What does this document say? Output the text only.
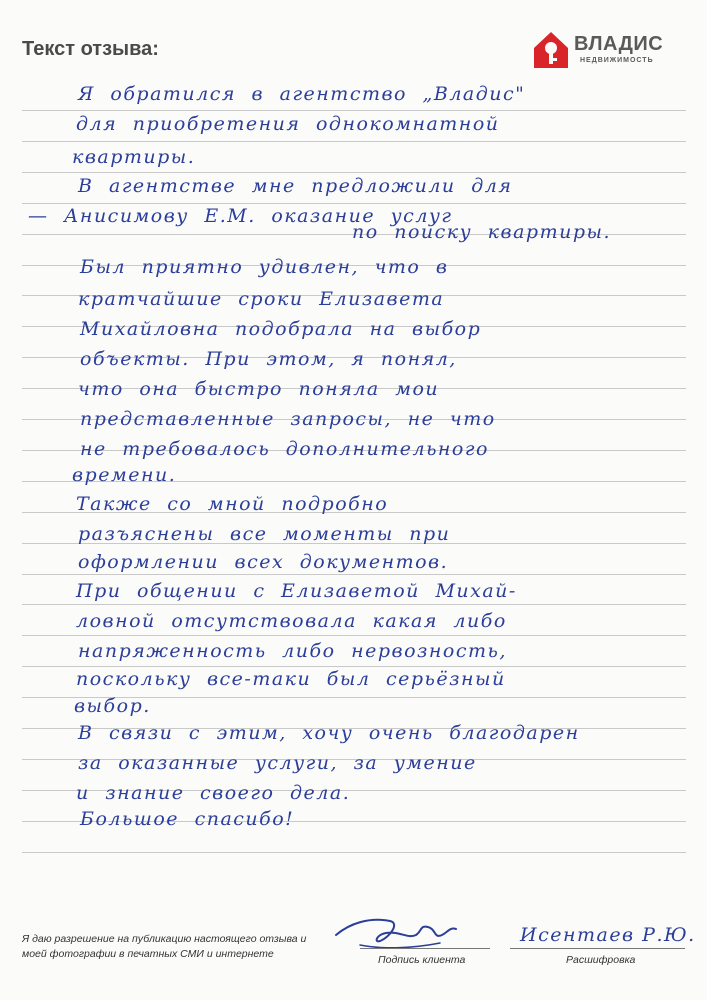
Текст отзыва:	ВЛАДИС
НЕДВИЖИМОСТЬ
Я обратился в агентство „Владис"
для приобретения однокомнатной
квартиры.
В агентстве мне предложили для
— Анисимову Е.М. оказание услуг
по поиску квартиры.
Был приятно удивлен, что в
кратчайшие сроки Елизавета
Михайловна подобрала на выбор
объекты. При этом, я понял,
что она быстро поняла мои
представленные запросы, не что
не требовалось дополнительного
времени.
Также со мной подробно
разъяснены все моменты при
оформлении всех документов.
При общении с Елизаветой Михай-
ловной отсутствовала какая либо
напряженность либо нервозность,
поскольку все-таки был серьёзный
выбор.
В связи с этим, хочу очень благодарен
за оказанные услуги, за умение
и знание своего дела.
Большое спасибо!
Я даю разрешение на публикацию настоящего отзыва и моей фотографии в печатных СМИ и интернете
Исентаев Р.Ю.
Подпись клиента	Расшифровка
